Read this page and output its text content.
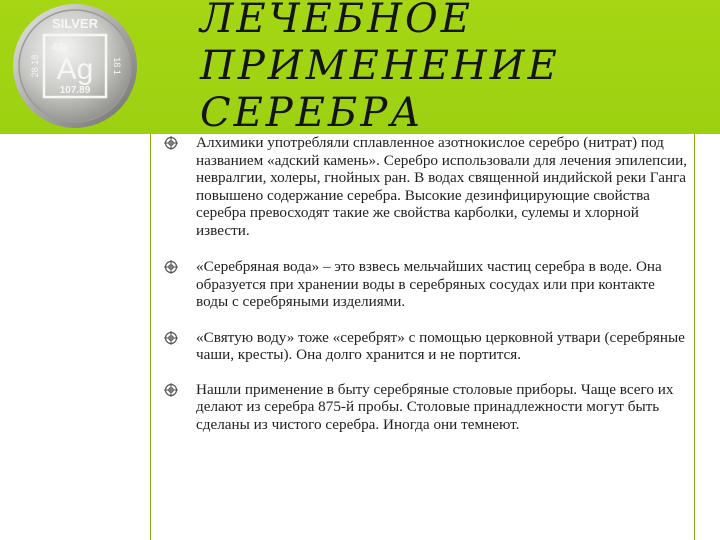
SILVER
47
Ag
107.89
28 18	18 1
ЛЕЧЕБНОЕ
ПРИМЕНЕНИЕ
СЕРЕБРА
Алхимики употребляли сплавленное азотнокислое серебро (нитрат) под названием «адский камень». Серебро использовали для лечения эпилепсии, невралгии, холеры, гнойных ран. В водах священной индийской реки Ганга повышено содержание серебра. Высокие дезинфицирующие свойства серебра превосходят такие же свойства карболки, сулемы и хлорной извести.
«Серебряная вода» – это взвесь мельчайших частиц серебра в воде. Она образуется при хранении воды в серебряных сосудах или при контакте воды с серебряными изделиями.
«Святую воду» тоже «серебрят» с помощью церковной утвари (серебряные чаши, кресты). Она долго хранится и не портится.
Нашли применение в быту серебряные столовые приборы. Чаще всего их делают из серебра 875-й пробы. Столовые принадлежности могут быть сделаны из чистого серебра. Иногда они темнеют.
